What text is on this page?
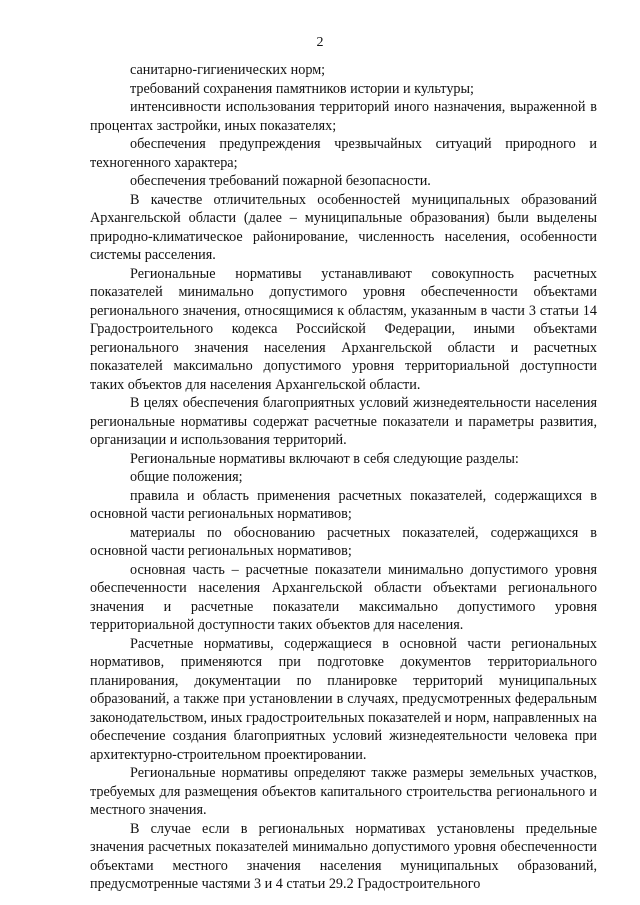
2

санитарно-гигиенических норм;

требований сохранения памятников истории и культуры;

интенсивности использования территорий иного назначения, выраженной в процентах застройки, иных показателях;

обеспечения предупреждения чрезвычайных ситуаций природного и техногенного характера;

обеспечения требований пожарной безопасности.

В качестве отличительных особенностей муниципальных образований Архангельской области (далее – муниципальные образования) были выделены природно-климатическое районирование, численность населения, особенности системы расселения.

Региональные нормативы устанавливают совокупность расчетных показателей минимально допустимого уровня обеспеченности объектами регионального значения, относящимися к областям, указанным в части 3 статьи 14 Градостроительного кодекса Российской Федерации, иными объектами регионального значения населения Архангельской области и расчетных показателей максимально допустимого уровня территориальной доступности таких объектов для населения Архангельской области.

В целях обеспечения благоприятных условий жизнедеятельности населения региональные нормативы содержат расчетные показатели и параметры развития, организации и использования территорий.

Региональные нормативы включают в себя следующие разделы:

общие положения;

правила и область применения расчетных показателей, содержащихся в основной части региональных нормативов;

материалы по обоснованию расчетных показателей, содержащихся в основной части региональных нормативов;

основная часть – расчетные показатели минимально допустимого уровня обеспеченности населения Архангельской области объектами регионального значения и расчетные показатели максимально допустимого уровня территориальной доступности таких объектов для населения.

Расчетные нормативы, содержащиеся в основной части региональных нормативов, применяются при подготовке документов территориального планирования, документации по планировке территорий муниципальных образований, а также при установлении в случаях, предусмотренных федеральным законодательством, иных градостроительных показателей и норм, направленных на обеспечение создания благоприятных условий жизнедеятельности человека при архитектурно-строительном проектировании.

Региональные нормативы определяют также размеры земельных участков, требуемых для размещения объектов капитального строительства регионального и местного значения.

В случае если в региональных нормативах установлены предельные значения расчетных показателей минимально допустимого уровня обеспеченности объектами местного значения населения муниципальных образований, предусмотренные частями 3 и 4 статьи 29.2 Градостроительного
